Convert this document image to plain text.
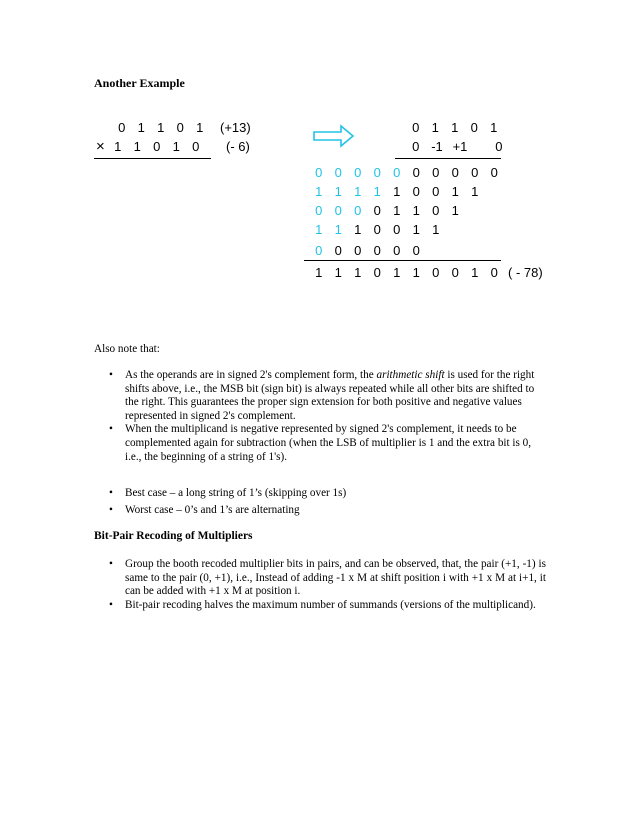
Another Example
0 1 1 0 1	(+13)
× 1 1 0 1 0	(- 6)
0 1 1 0 1
0 -1 +1 0
0 0 0 0 0 0 0 0 0 0
1 1 1 1 1 0 0 1 1
0 0 0 0 1 1 0 1
1 1 1 0 0 1 1
0 0 0 0 0 0
1 1 1 0 1 1 0 0 1 0 ( - 78)
Also note that:
• As the operands are in signed 2's complement form, the arithmetic shift is used for the right shifts above, i.e., the MSB bit (sign bit) is always repeated while all other bits are shifted to the right. This guarantees the proper sign extension for both positive and negative values represented in signed 2's complement.
• When the multiplicand is negative represented by signed 2's complement, it needs to be complemented again for subtraction (when the LSB of multiplier is 1 and the extra bit is 0, i.e., the beginning of a string of 1's).
• Best case – a long string of 1’s (skipping over 1s)
• Worst case – 0’s and 1’s are alternating
Bit-Pair Recoding of Multipliers
• Group the booth recoded multiplier bits in pairs, and can be observed, that, the pair (+1, -1) is same to the pair (0, +1), i.e., Instead of adding -1 x M at shift position i with +1 x M at i+1, it can be added with +1 x M at position i.
• Bit-pair recoding halves the maximum number of summands (versions of the multiplicand).
